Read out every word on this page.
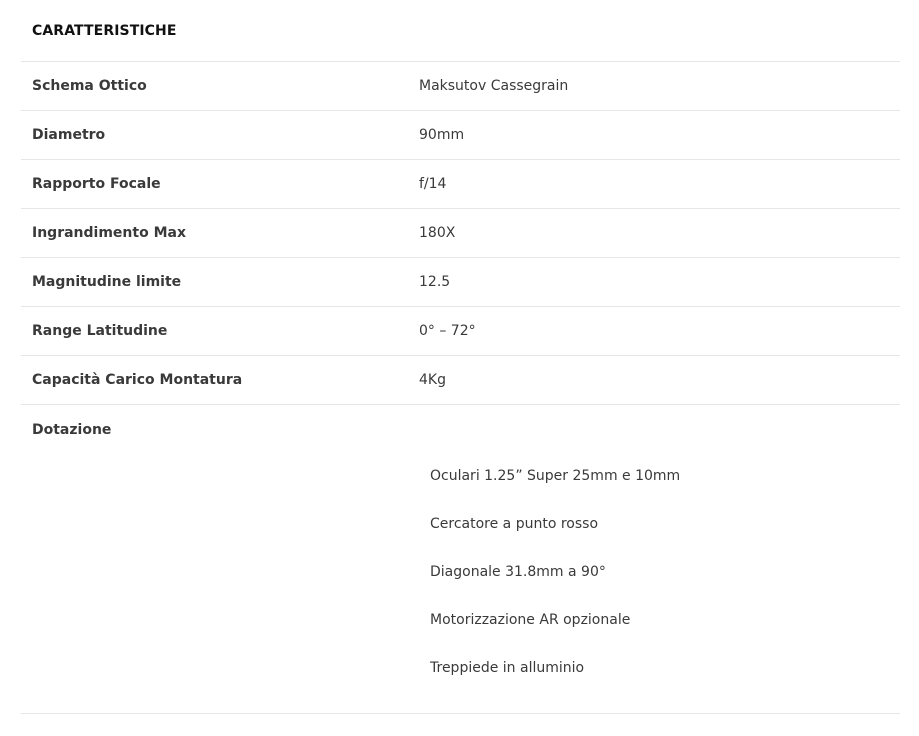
CARATTERISTICHE
Schema Ottico	Maksutov Cassegrain
Diametro	90mm
Rapporto Focale	f/14
Ingrandimento Max	180X
Magnitudine limite	12.5
Range Latitudine	0° – 72°
Capacità Carico Montatura	4Kg
Dotazione
Oculari 1.25” Super 25mm e 10mm
Cercatore a punto rosso
Diagonale 31.8mm a 90°
Motorizzazione AR opzionale
Treppiede in alluminio
